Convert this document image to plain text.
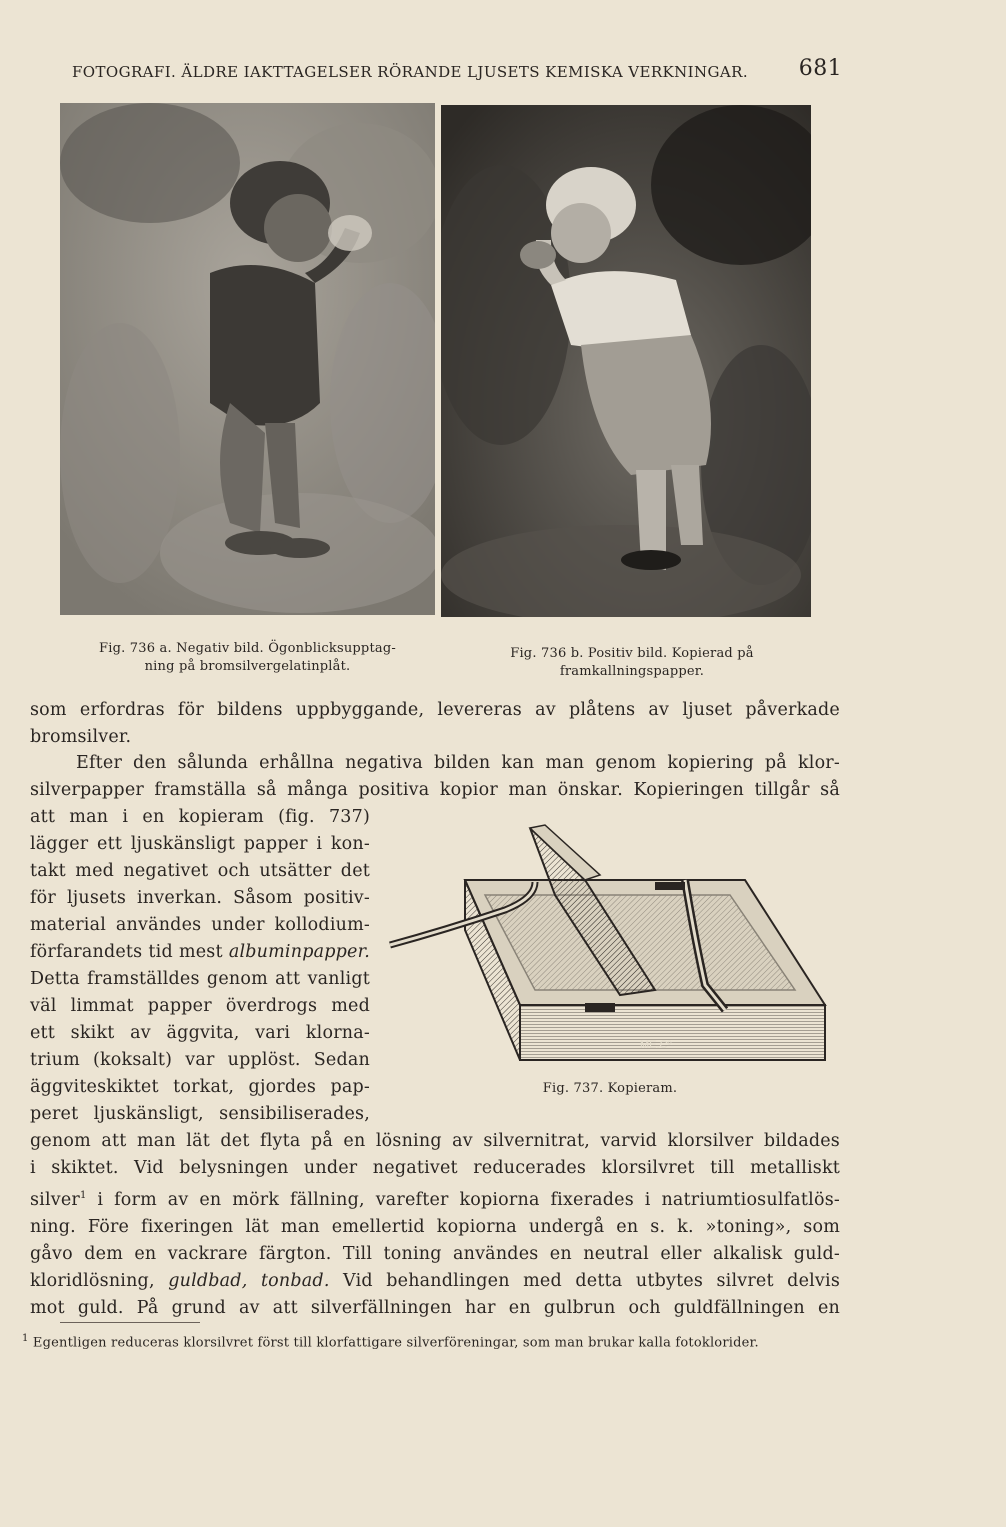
FOTOGRAFI. ÄLDRE IAKTTAGELSER RÖRANDE LJUSETS KEMISKA VERKNINGAR. 681
Fig. 736 a. Negativ bild. Ögonblicksupptag-
ning på bromsilvergelatinplåt.
Fig. 736 b. Positiv bild. Kopierad på
framkallningspapper.
som erfordras för bildens uppbyggande, levereras av plåtens av ljuset påverkade
bromsilver.
Efter den sålunda erhållna negativa bilden kan man genom kopiering på klor-
silverpapper framställa så många positiva kopior man önskar. Kopieringen tillgår så
att man i en kopieram (fig. 737)
lägger ett ljuskänsligt papper i kon-
takt med negativet och utsätter det
för ljusets inverkan. Såsom positiv-
material användes under kollodium-
förfarandets tid mest albuminpapper.
Detta framställdes genom att vanligt
väl limmat papper överdrogs med
ett skikt av äggvita, vari klorna-
trium (koksalt) var upplöst. Sedan
äggviteskiktet torkat, gjordes pap-
peret ljuskänsligt, sensibiliserades,
ME.Cº
Fig. 737. Kopieram.
genom att man lät det flyta på en lösning av silvernitrat, varvid klorsilver bildades
i skiktet. Vid belysningen under negativet reducerades klorsilvret till metalliskt
silver$^1$ i form av en mörk fällning, varefter kopiorna fixerades i natriumtiosulfatlös-
ning. Före fixeringen lät man emellertid kopiorna undergå en s. k. »toning», som
gåvo dem en vackrare färgton. Till toning användes en neutral eller alkalisk guld-
kloridlösning, guldbad, tonbad. Vid behandlingen med detta utbytes silvret delvis
mot guld. På grund av att silverfällningen har en gulbrun och guldfällningen en
$^1$ Egentligen reduceras klorsilvret först till klorfattigare silverföreningar, som man brukar kalla fotoklorider.
